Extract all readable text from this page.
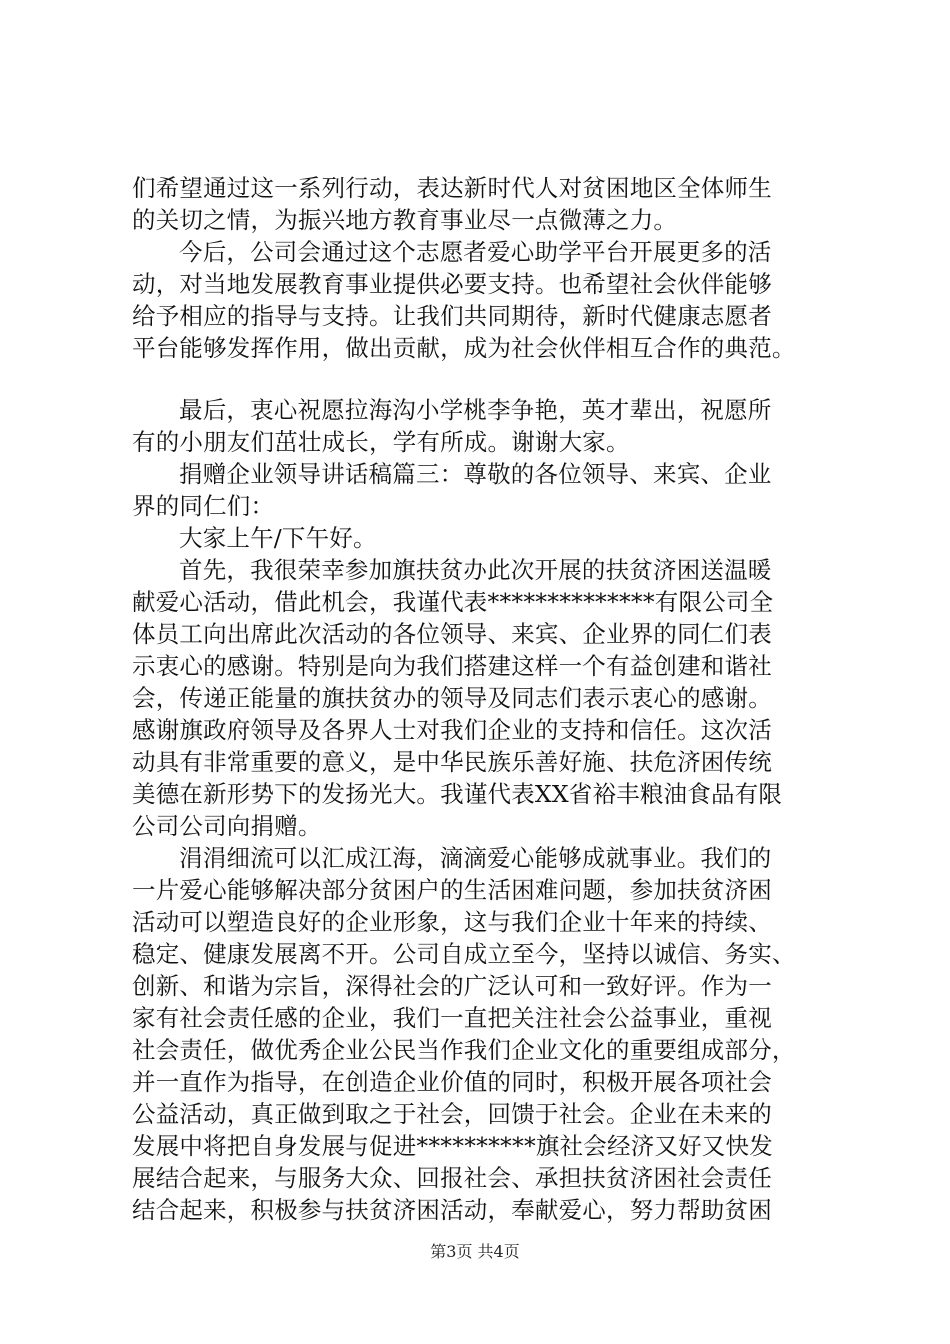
们希望通过这一系列行动，表达新时代人对贫困地区全体师生
的关切之情，为振兴地方教育事业尽一点微薄之力。
今后，公司会通过这个志愿者爱心助学平台开展更多的活
动，对当地发展教育事业提供必要支持。也希望社会伙伴能够
给予相应的指导与支持。让我们共同期待，新时代健康志愿者
平台能够发挥作用，做出贡献，成为社会伙伴相互合作的典范。
最后，衷心祝愿拉海沟小学桃李争艳，英才辈出，祝愿所
有的小朋友们茁壮成长，学有所成。谢谢大家。
捐赠企业领导讲话稿篇三：尊敬的各位领导、来宾、企业
界的同仁们：
大家上午/下午好。
首先，我很荣幸参加旗扶贫办此次开展的扶贫济困送温暖
献爱心活动，借此机会，我谨代表**************有限公司全
体员工向出席此次活动的各位领导、来宾、企业界的同仁们表
示衷心的感谢。特别是向为我们搭建这样一个有益创建和谐社
会，传递正能量的旗扶贫办的领导及同志们表示衷心的感谢。
感谢旗政府领导及各界人士对我们企业的支持和信任。这次活
动具有非常重要的意义，是中华民族乐善好施、扶危济困传统
美德在新形势下的发扬光大。我谨代表XX省裕丰粮油食品有限
公司公司向捐赠。
涓涓细流可以汇成江海，滴滴爱心能够成就事业。我们的
一片爱心能够解决部分贫困户的生活困难问题，参加扶贫济困
活动可以塑造良好的企业形象，这与我们企业十年来的持续、
稳定、健康发展离不开。公司自成立至今，坚持以诚信、务实、
创新、和谐为宗旨，深得社会的广泛认可和一致好评。作为一
家有社会责任感的企业，我们一直把关注社会公益事业，重视
社会责任，做优秀企业公民当作我们企业文化的重要组成部分，
并一直作为指导，在创造企业价值的同时，积极开展各项社会
公益活动，真正做到取之于社会，回馈于社会。企业在未来的
发展中将把自身发展与促进**********旗社会经济又好又快发
展结合起来，与服务大众、回报社会、承担扶贫济困社会责任
结合起来，积极参与扶贫济困活动，奉献爱心，努力帮助贫困
第3页 共4页
